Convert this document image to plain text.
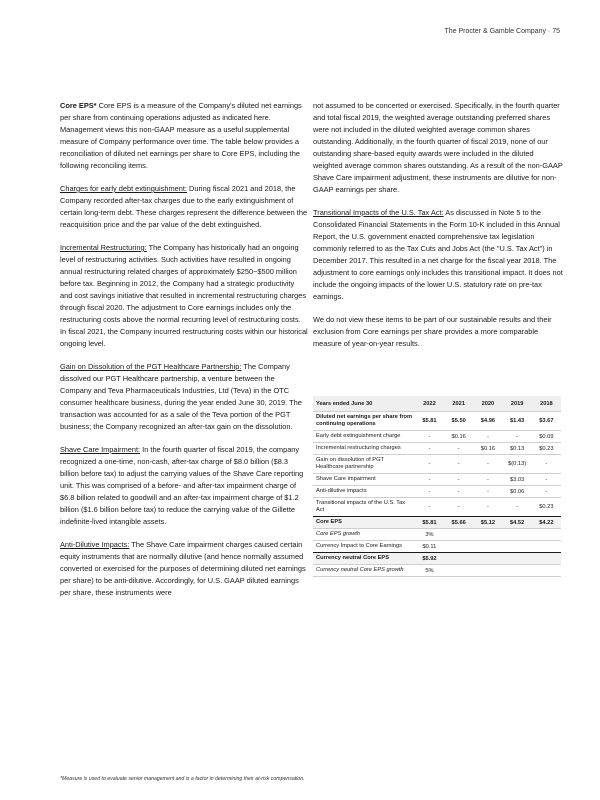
The Procter & Gamble Company · 75

Core EPS* Core EPS is a measure of the Company's diluted net earnings per share from continuing operations adjusted as indicated here. Management views this non-GAAP measure as a useful supplemental measure of Company performance over time. The table below provides a reconciliation of diluted net earnings per share to Core EPS, including the following reconciling items.

Charges for early debt extinguishment: During fiscal 2021 and 2018, the Company recorded after-tax charges due to the early extinguishment of certain long-term debt. These charges represent the difference between the reacquisition price and the par value of the debt extinguished.

Incremental Restructuring: The Company has historically had an ongoing level of restructuring activities. Such activities have resulted in ongoing annual restructuring related charges of approximately $250−$500 million before tax. Beginning in 2012, the Company had a strategic productivity and cost savings initiative that resulted in incremental restructuring charges through fiscal 2020. The adjustment to Core earnings includes only the restructuring costs above the normal recurring level of restructuring costs. In fiscal 2021, the Company incurred restructuring costs within our historical ongoing level.

Gain on Dissolution of the PGT Healthcare Partnership: The Company dissolved our PGT Healthcare partnership, a venture between the Company and Teva Pharmaceuticals Industries, Ltd (Teva) in the OTC consumer healthcare business, during the year ended June 30, 2019. The transaction was accounted for as a sale of the Teva portion of the PGT business; the Company recognized an after-tax gain on the dissolution.

Shave Care Impairment: In the fourth quarter of fiscal 2019, the company recognized a one-time, non-cash, after-tax charge of $8.0 billion ($8.3 billion before tax) to adjust the carrying values of the Shave Care reporting unit. This was comprised of a before- and after-tax impairment charge of $6.8 billion related to goodwill and an after-tax impairment charge of $1.2 billion ($1.6 billion before tax) to reduce the carrying value of the Gillette indefinite-lived intangible assets.

Anti-Dilutive Impacts: The Shave Care impairment charges caused certain equity instruments that are normally dilutive (and hence normally assumed converted or exercised for the purposes of determining diluted net earnings per share) to be anti-dilutive. Accordingly, for U.S. GAAP diluted earnings per share, these instruments were

not assumed to be concerted or exercised. Specifically, in the fourth quarter and total fiscal 2019, the weighted average outstanding preferred shares were not included in the diluted weighted average common shares outstanding. Additionally, in the fourth quarter of fiscal 2019, none of our outstanding share-based equity awards were included in the diluted weighted average common shares outstanding. As a result of the non-GAAP Shave Care impairment adjustment, these instruments are dilutive for non-GAAP earnings per share.

Transitional Impacts of the U.S. Tax Act: As discussed in Note 5 to the Consolidated Financial Statements in the Form 10-K included in this Annual Report, the U.S. government enacted comprehensive tax legislation commonly referred to as the Tax Cuts and Jobs Act (the "U.S. Tax Act") in December 2017. This resulted in a net charge for the fiscal year 2018. The adjustment to core earnings only includes this transitional impact. It does not include the ongoing impacts of the lower U.S. statutory rate on pre-tax earnings.

We do not view these items to be part of our sustainable results and their exclusion from Core earnings per share provides a more comparable measure of year-on-year results.

Years ended June 30	2022	2021	2020	2019	2018
Diluted net earnings per share from continuing operations	$5.81	$5.50	$4.96	$1.43	$3.67
Early debt extinguishment charge	-	$0.16	-	-	$0.09
Incremental restructuring charges	-	-	$0.16	$0.13	$0.23
Gain on dissolution of PGT Healthcare partnership	-	-	-	$(0.13)	-
Shave Care impairment	-	-	-	$3.03	-
Anti-dilutive impacts	-	-	-	$0.06	-
Transitional impacts of the U.S. Tax Act	-	-	-	-	$0.23
Core EPS	$5.81	$5.66	$5.12	$4.52	$4.22
Core EPS growth	3%				
Currency Impact to Core Earnings	$0.11				
Currency neutral Core EPS	$5.92				
Currency neutral Core EPS growth	5%				
*Measure is used to evaluate senior management and is a factor in determining their at-risk compensation.
